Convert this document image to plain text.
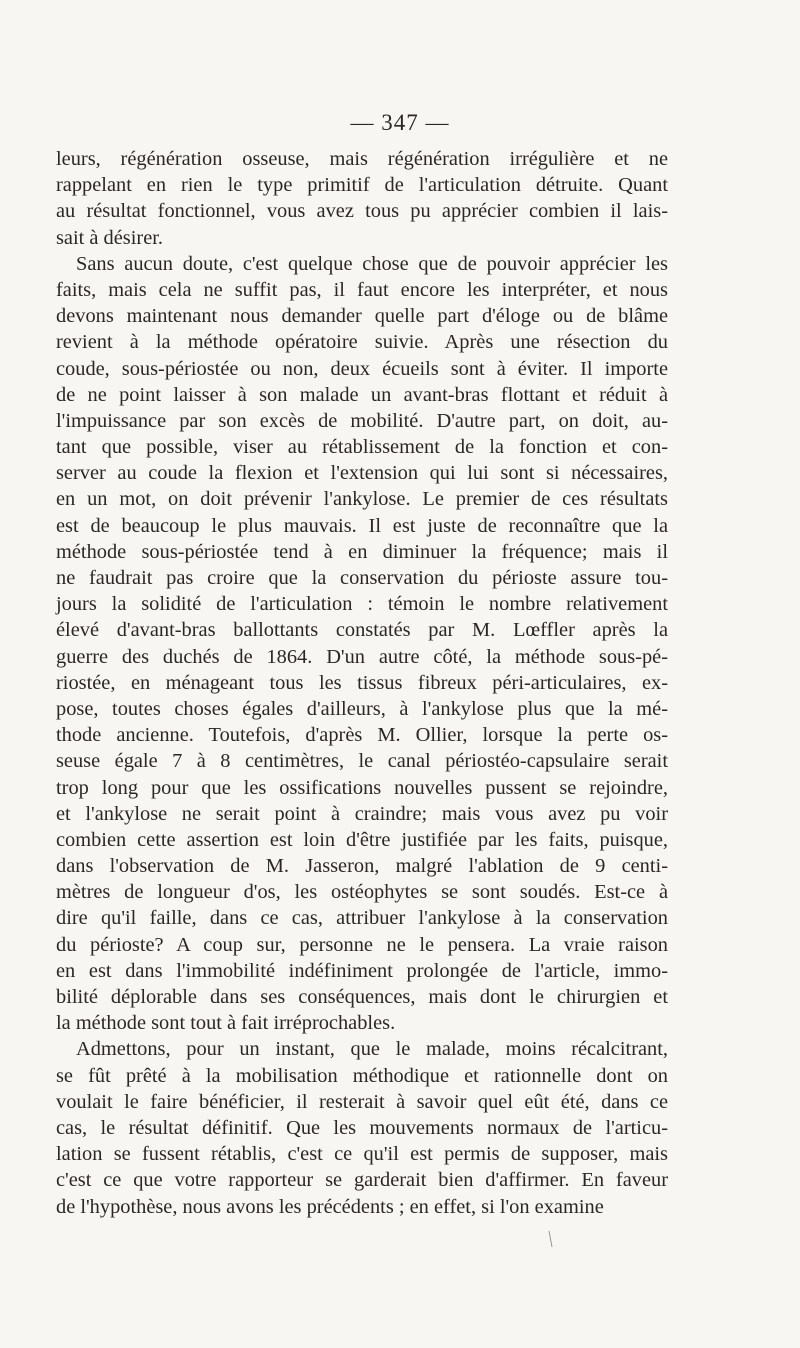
— 347 —
leurs, régénération osseuse, mais régénération irrégulière et ne
rappelant en rien le type primitif de l'articulation détruite. Quant
au résultat fonctionnel, vous avez tous pu apprécier combien il lais-
sait à désirer.
Sans aucun doute, c'est quelque chose que de pouvoir apprécier les
faits, mais cela ne suffit pas, il faut encore les interpréter, et nous
devons maintenant nous demander quelle part d'éloge ou de blâme
revient à la méthode opératoire suivie. Après une résection du
coude, sous-périostée ou non, deux écueils sont à éviter. Il importe
de ne point laisser à son malade un avant-bras flottant et réduit à
l'impuissance par son excès de mobilité. D'autre part, on doit, au-
tant que possible, viser au rétablissement de la fonction et con-
server au coude la flexion et l'extension qui lui sont si nécessaires,
en un mot, on doit prévenir l'ankylose. Le premier de ces résultats
est de beaucoup le plus mauvais. Il est juste de reconnaître que la
méthode sous-périostée tend à en diminuer la fréquence; mais il
ne faudrait pas croire que la conservation du périoste assure tou-
jours la solidité de l'articulation : témoin le nombre relativement
élevé d'avant-bras ballottants constatés par M. Lœffler après la
guerre des duchés de 1864. D'un autre côté, la méthode sous-pé-
riostée, en ménageant tous les tissus fibreux péri-articulaires, ex-
pose, toutes choses égales d'ailleurs, à l'ankylose plus que la mé-
thode ancienne. Toutefois, d'après M. Ollier, lorsque la perte os-
seuse égale 7 à 8 centimètres, le canal périostéo-capsulaire serait
trop long pour que les ossifications nouvelles pussent se rejoindre,
et l'ankylose ne serait point à craindre; mais vous avez pu voir
combien cette assertion est loin d'être justifiée par les faits, puisque,
dans l'observation de M. Jasseron, malgré l'ablation de 9 centi-
mètres de longueur d'os, les ostéophytes se sont soudés. Est-ce à
dire qu'il faille, dans ce cas, attribuer l'ankylose à la conservation
du périoste? A coup sur, personne ne le pensera. La vraie raison
en est dans l'immobilité indéfiniment prolongée de l'article, immo-
bilité déplorable dans ses conséquences, mais dont le chirurgien et
la méthode sont tout à fait irréprochables.
Admettons, pour un instant, que le malade, moins récalcitrant,
se fût prêté à la mobilisation méthodique et rationnelle dont on
voulait le faire bénéficier, il resterait à savoir quel eût été, dans ce
cas, le résultat définitif. Que les mouvements normaux de l'articu-
lation se fussent rétablis, c'est ce qu'il est permis de supposer, mais
c'est ce que votre rapporteur se garderait bien d'affirmer. En faveur
de l'hypothèse, nous avons les précédents ; en effet, si l'on examine
